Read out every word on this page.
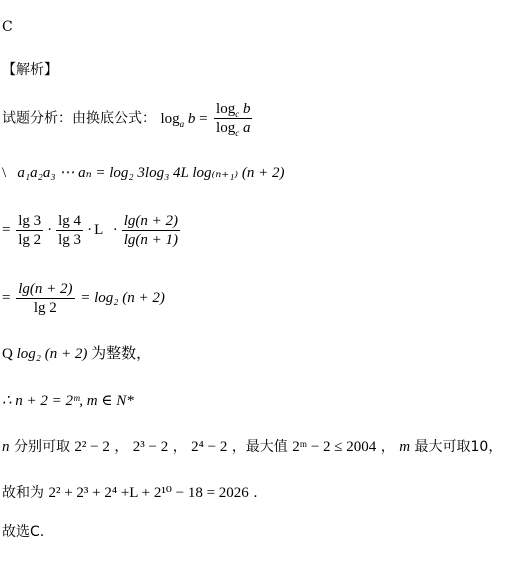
C
【解析】
试题分析：由换底公式： $\log_a b = \frac{\log_c b}{\log_c a}$
\ a₁a₂a₃ ⋯ aₙ = log₂ 3log₃ 4L log₍ₙ₊₁₎ (n + 2)
= $\frac{\lg 3}{\lg 2} \cdot \frac{\lg 4}{\lg 3} \cdot L \cdot \frac{\lg(n + 2)}{\lg(n + 1)}$
= $\frac{\lg(n + 2)}{\lg 2} = \log_2$ (n + 2)
Q log₂ (n + 2) 为整数，
∴ n + 2 = 2ᵐ, m ∈ N*
n 分别可取 2² − 2 ， 2³ − 2 ， 2⁴ − 2 ，最大值 2ᵐ − 2 ≤ 2004 ， m 最大可取10，
故和为 2² + 2³ + 2⁴ +L + 2¹⁰ − 18 = 2026 .
故选C.
